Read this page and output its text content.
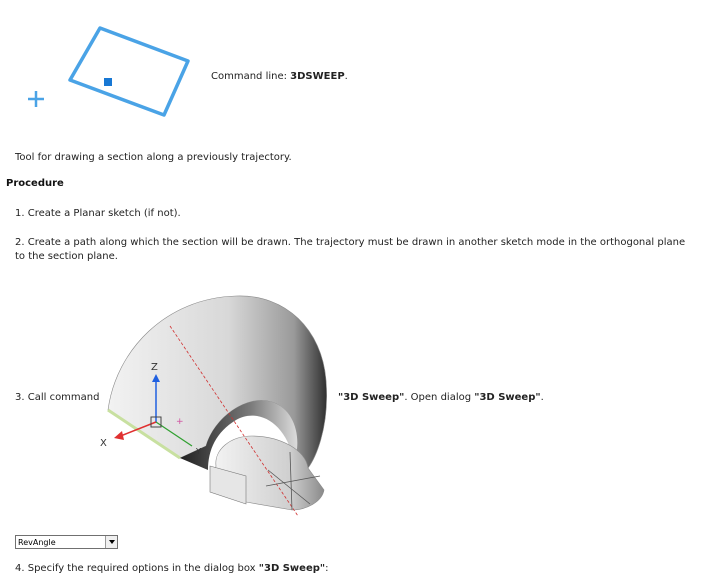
Command line: 3DSWEEP.
Tool for drawing a section along a previously trajectory.
Procedure
1. Create a Planar sketch (if not).
2. Create a path along which the section will be drawn. The trajectory must be drawn in another sketch mode in the orthogonal plane to the section plane.
3. Call command
Z
X
Y
+
"3D Sweep". Open dialog "3D Sweep".
RevAngle
4. Specify the required options in the dialog box "3D Sweep":
